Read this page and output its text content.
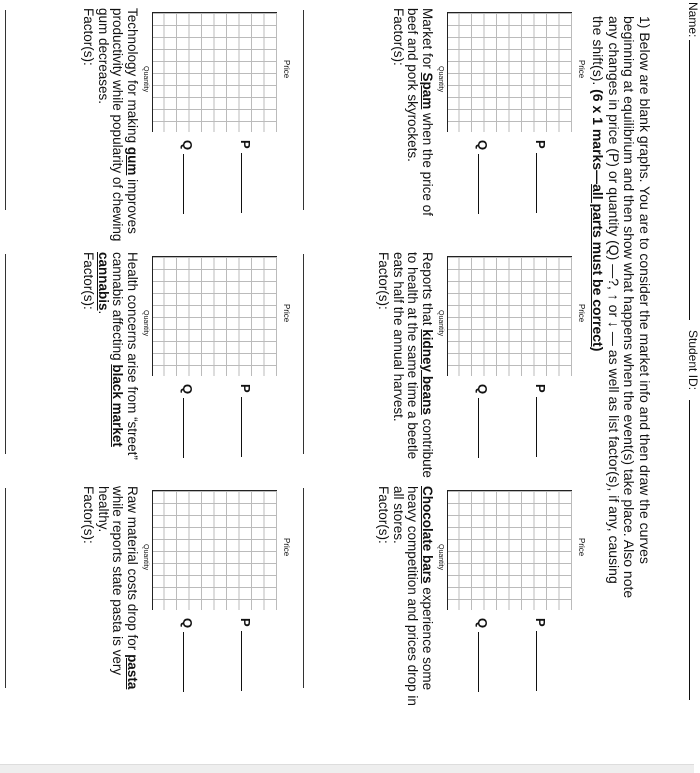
Name:
Student ID:
1) Below are blank graphs. You are to consider the market info and then draw the curves beginning at equilibrium and then show what happens when the event(s) take place. Also note any changes in price (P) or quantity (Q) —?, ↑ or ↓ — as well as list factor(s), if any, causing the shift(s). (6 x 1 marks—all parts must be correct)
Price
Quantity
P
Q
Market for Spam when the price of beef and pork skyrockets.
Factor(s):
Price
Quantity
P
Q
Reports that kidney beans contribute to health at the same time a beetle eats half the annual harvest.
Factor(s):
Price
Quantity
P
Q
Chocolate bars experience some heavy competition and prices drop in all stores.
Factor(s):
Price
Quantity
P
Q
Technology for making gum improves productivity while popularity of chewing gum decreases.
Factor(s):
Price
Quantity
P
Q
Health concerns arise from “street” cannabis affecting black market cannabis.
Factor(s):
Price
Quantity
P
Q
Raw material costs drop for pasta while reports state pasta is very healthy.
Factor(s):
